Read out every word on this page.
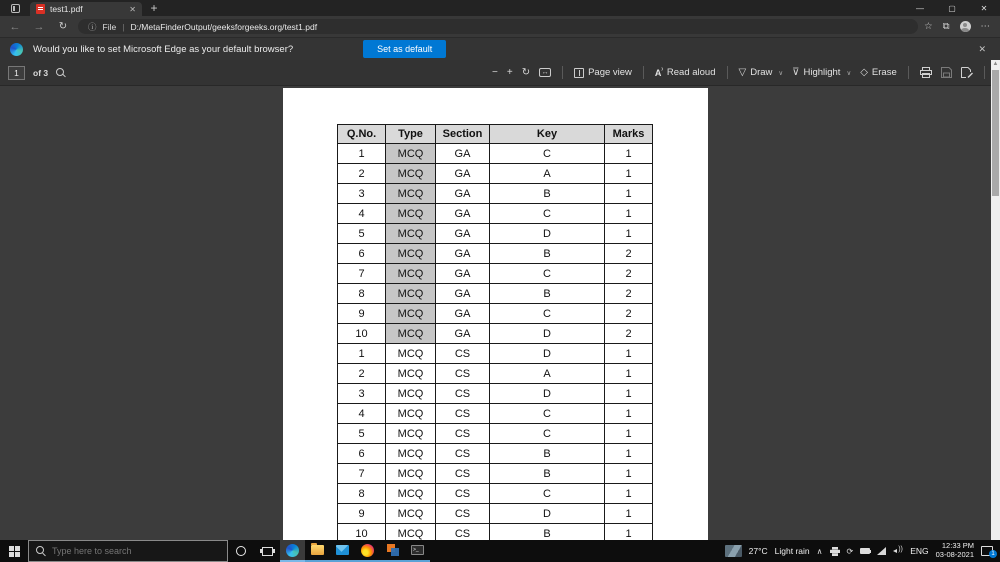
test1.pdf	✕	+	—	▢	✕
←	→	↻	ⓘ File | D:/MetaFinderOutput/geeksforgeeks.org/test1.pdf	☆ ⧉	⋯
Would you like to set Microsoft Edge as your default browser?	Set as default	✕
1
of 3	− + ↻	↔	Page view	A⁾ Read aloud ▽ Draw ∨ ⊽ Highlight ∨ ◇ Erase
Q.No.	Type	Section	Key	Marks
1	MCQ	GA	C	1
2	MCQ	GA	A	1
3	MCQ	GA	B	1
4	MCQ	GA	C	1
5	MCQ	GA	D	1
6	MCQ	GA	B	2
7	MCQ	GA	C	2
8	MCQ	GA	B	2
9	MCQ	GA	C	2
10	MCQ	GA	D	2
1	MCQ	CS	D	1
2	MCQ	CS	A	1
3	MCQ	CS	D	1
4	MCQ	CS	C	1
5	MCQ	CS	C	1
6	MCQ	CS	B	1
7	MCQ	CS	B	1
8	MCQ	CS	C	1
9	MCQ	CS	D	1
10	MCQ	CS	B	1
▲
Type here to search
>_	27°C Light rain ∧	⟳ ))	ENG
12:33 PM
03-08-2021	1
